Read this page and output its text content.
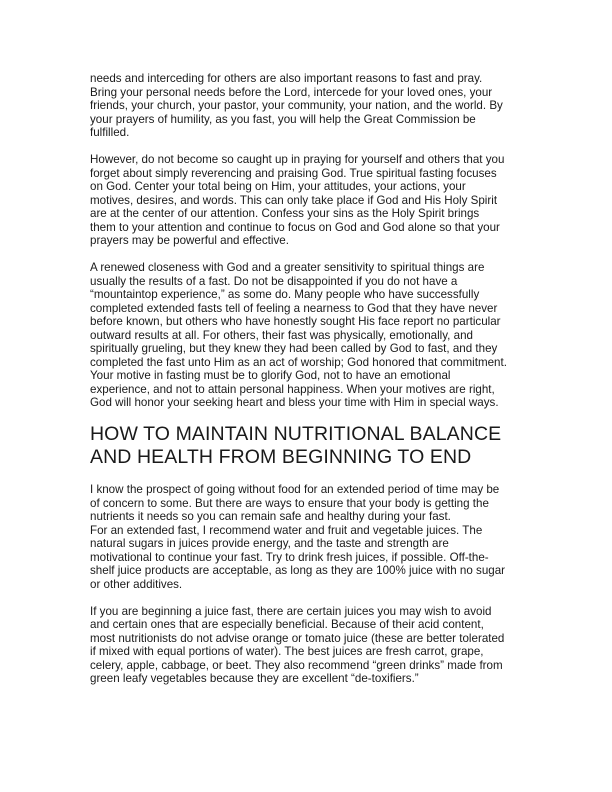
needs and interceding for others are also important reasons to fast and pray.
Bring your personal needs before the Lord, intercede for your loved ones, your
friends, your church, your pastor, your community, your nation, and the world. By
your prayers of humility, as you fast, you will help the Great Commission be
fulfilled.

However, do not become so caught up in praying for yourself and others that you
forget about simply reverencing and praising God. True spiritual fasting focuses
on God. Center your total being on Him, your attitudes, your actions, your
motives, desires, and words. This can only take place if God and His Holy Spirit
are at the center of our attention. Confess your sins as the Holy Spirit brings
them to your attention and continue to focus on God and God alone so that your
prayers may be powerful and effective.

A renewed closeness with God and a greater sensitivity to spiritual things are
usually the results of a fast. Do not be disappointed if you do not have a
“mountaintop experience,” as some do. Many people who have successfully
completed extended fasts tell of feeling a nearness to God that they have never
before known, but others who have honestly sought His face report no particular
outward results at all. For others, their fast was physically, emotionally, and
spiritually grueling, but they knew they had been called by God to fast, and they
completed the fast unto Him as an act of worship; God honored that commitment.
Your motive in fasting must be to glorify God, not to have an emotional
experience, and not to attain personal happiness. When your motives are right,
God will honor your seeking heart and bless your time with Him in special ways.

HOW TO MAINTAIN NUTRITIONAL BALANCE
AND HEALTH FROM BEGINNING TO END

I know the prospect of going without food for an extended period of time may be
of concern to some. But there are ways to ensure that your body is getting the
nutrients it needs so you can remain safe and healthy during your fast.

For an extended fast, I recommend water and fruit and vegetable juices. The
natural sugars in juices provide energy, and the taste and strength are
motivational to continue your fast. Try to drink fresh juices, if possible. Off-the-
shelf juice products are acceptable, as long as they are 100% juice with no sugar
or other additives.

If you are beginning a juice fast, there are certain juices you may wish to avoid
and certain ones that are especially beneficial. Because of their acid content,
most nutritionists do not advise orange or tomato juice (these are better tolerated
if mixed with equal portions of water). The best juices are fresh carrot, grape,
celery, apple, cabbage, or beet. They also recommend “green drinks” made from
green leafy vegetables because they are excellent “de-toxifiers.”
